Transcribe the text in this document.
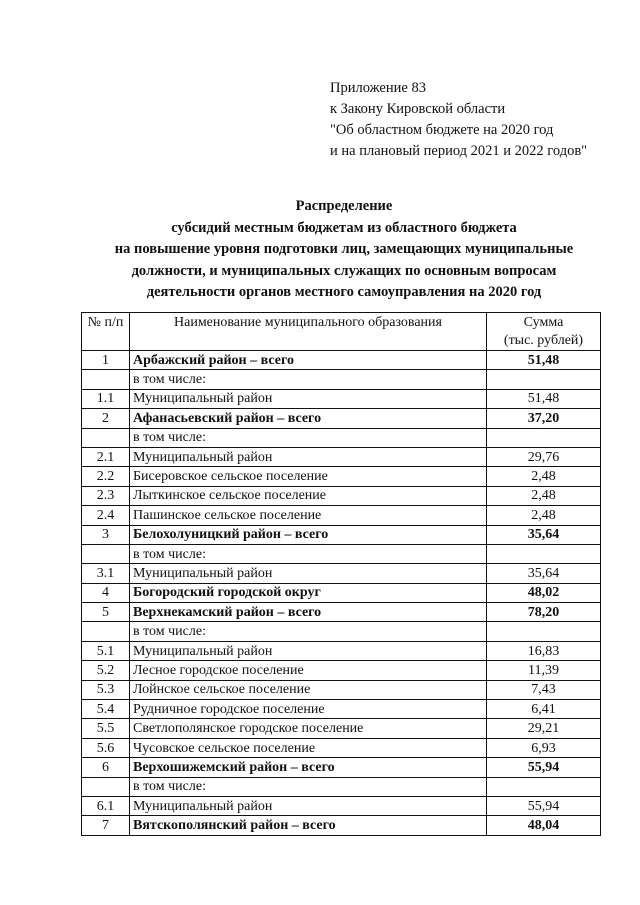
Приложение 83
к Закону Кировской области
"Об областном бюджете на 2020 год
и на плановый период 2021 и 2022 годов"
Распределение
субсидий местным бюджетам из областного бюджета
на повышение уровня подготовки лиц, замещающих муниципальные
должности, и муниципальных служащих по основным вопросам
деятельности органов местного самоуправления на 2020 год
№ п/п	Наименование муниципального образования	Сумма
(тыс. рублей)

1	Арбажский район – всего	51,48
	в том числе:	
1.1	Муниципальный район	51,48
2	Афанасьевский район – всего	37,20
	в том числе:	
2.1	Муниципальный район	29,76
2.2	Бисеровское сельское поселение	2,48
2.3	Лыткинское сельское поселение	2,48
2.4	Пашинское сельское поселение	2,48
3	Белохолуницкий район – всего	35,64
	в том числе:	
3.1	Муниципальный район	35,64
4	Богородский городской округ	48,02
5	Верхнекамский район – всего	78,20
	в том числе:	
5.1	Муниципальный район	16,83
5.2	Лесное городское поселение	11,39
5.3	Лойнское сельское поселение	7,43
5.4	Рудничное городское поселение	6,41
5.5	Светлополянское городское поселение	29,21
5.6	Чусовское сельское поселение	6,93
6	Верхошижемский район – всего	55,94
	в том числе:	
6.1	Муниципальный район	55,94
7	Вятскополянский район – всего	48,04
